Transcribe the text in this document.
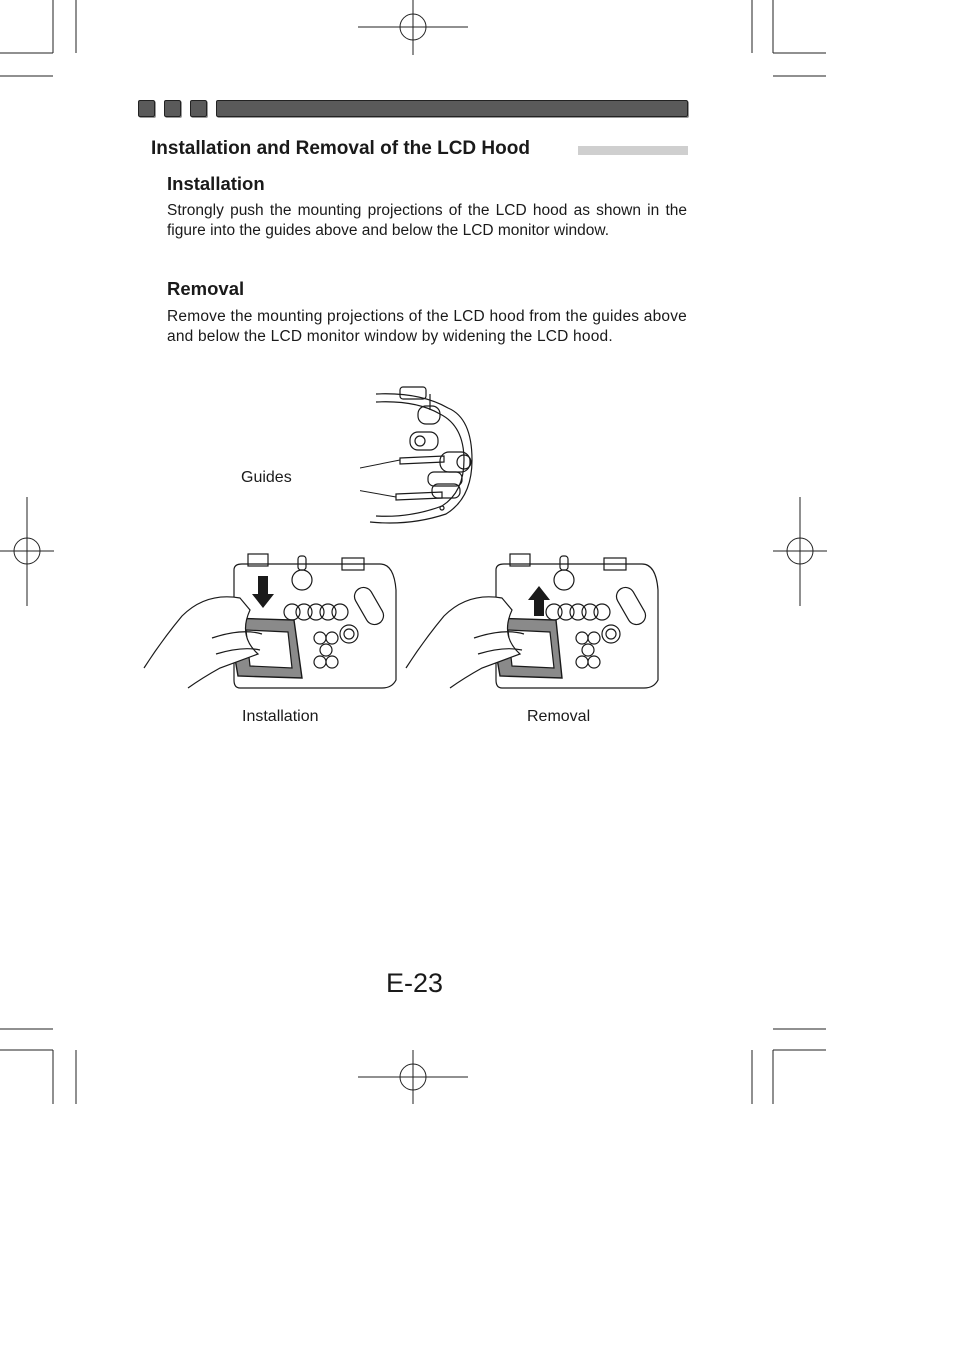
Installation and Removal of the LCD Hood
Installation
Strongly push the mounting projections of the LCD hood as shown in the figure into the guides above and below the LCD monitor window.
Removal
Remove the mounting projections of the LCD hood from the guides above and below the LCD monitor window by widening the LCD hood.
Guides
Installation	Removal
E-23
